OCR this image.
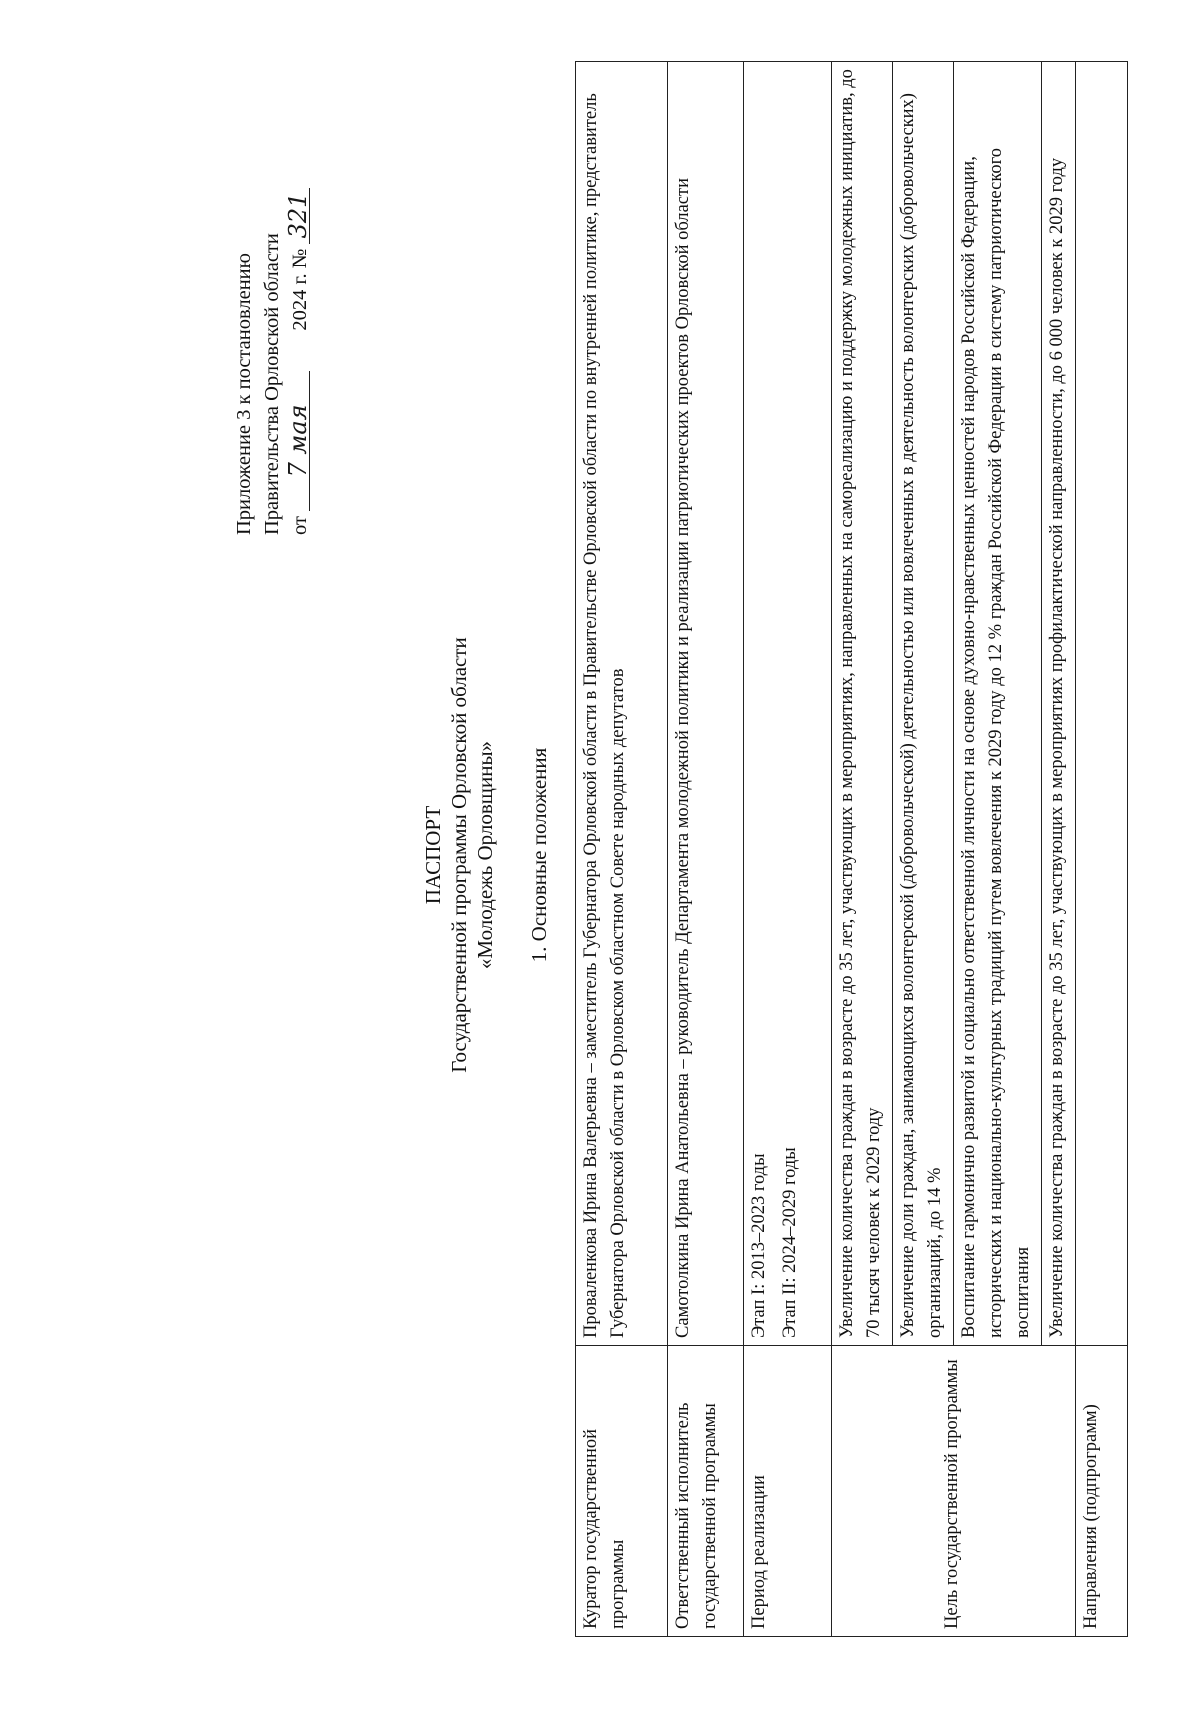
Приложение 3 к постановлению Правительства Орловской области от 7 мая  2024 г. № 321
ПАСПОРТ Государственной программы Орловской области «Молодежь Орловщины» 1. Основные положения
Куратор государственной программы	Проваленкова Ирина Валерьевна – заместитель Губернатора Орловской области в Правительстве Орловской области по внутренней политике, представитель Губернатора Орловской области в Орловском областном Совете народных депутатов
Ответственный исполнитель государственной программы	Самотолкина Ирина Анатольевна – руководитель Департамента молодежной политики и реализации патриотических проектов Орловской области
Период реализации	Этап I: 2013–2023 годы Этап II: 2024–2029 годы

Цель государственной программы	Увеличение количества граждан в возрасте до 35 лет, участвующих в мероприятиях, направленных на самореализацию и поддержку молодежных инициатив, до 70 тысяч человек к 2029 году Увеличение доли граждан, занимающихся волонтерской (добровольческой) деятельностью или вовлеченных в деятельность волонтерских (добровольческих) организаций, до 14 % Воспитание гармонично развитой и социально ответственной личности на основе духовно-нравственных ценностей народов Российской Федерации, исторических и национально-культурных традиций путем вовлечения к 2029 году до 12 % граждан Российской Федерации в систему патриотического воспитания Увеличение количества граждан в возрасте до 35 лет, участвующих в мероприятиях профилактической направленности, до 6 000 человек к 2029 году

Направления (подпрограмм)	
